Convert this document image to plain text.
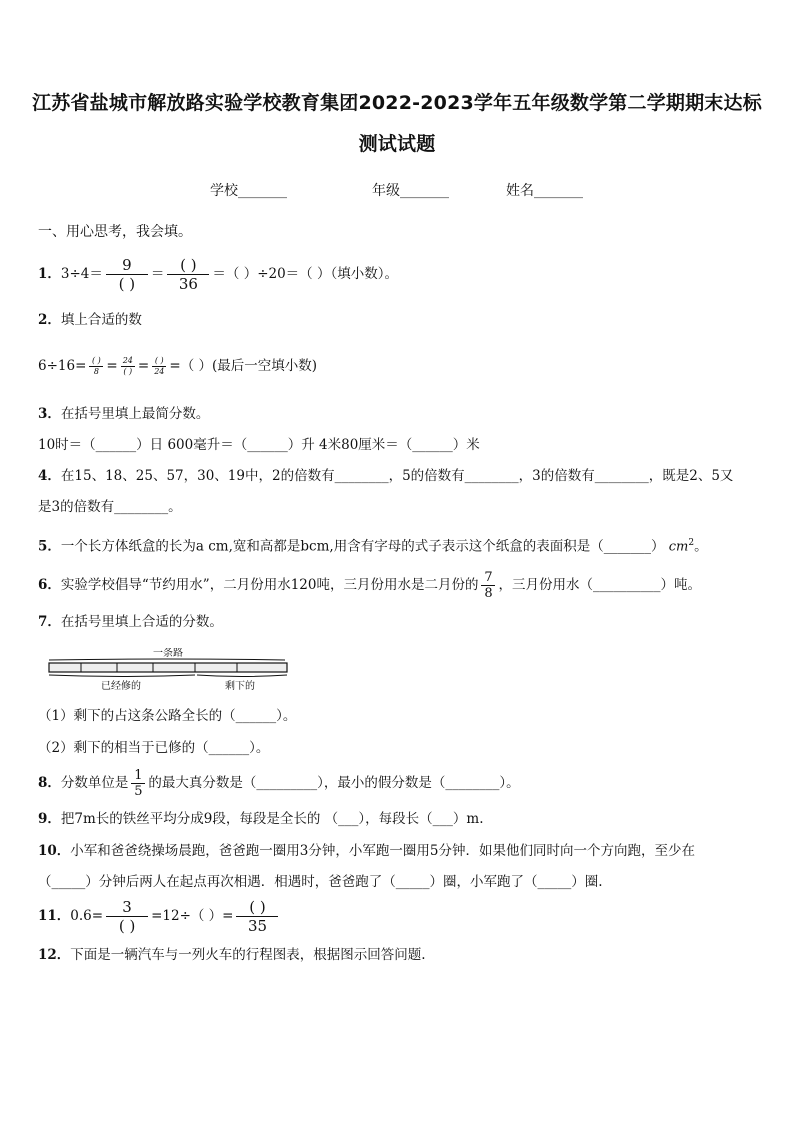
江苏省盐城市解放路实验学校教育集团2022-2023学年五年级数学第二学期期末达标
测试试题
学校_______	年级_______	姓名_______
一、用心思考，我会填。
1．$3\div 4= \frac{9}{( )} = \frac{( )}{36}$ ＝（ ）÷20＝（ ）（填小数）。
2．填上合适的数
$6\div 16= \frac{( )}{8} = \frac{24}{( )} = \frac{( )}{24}$ =（ ）(最后一空填小数)
3．在括号里填上最简分数。
10时＝（______）日 600毫升＝（______）升 4米80厘米＝（______）米
4．在15、18、25、57，30、19中，2的倍数有________，5的倍数有________，3的倍数有________，既是2、5又
是3的倍数有________。
5．一个长方体纸盒的长为a cm,宽和高都是bcm,用含有字母的式子表示这个纸盒的表面积是（_______） $cm^2$。
6．实验学校倡导“节约用水”，二月份用水120吨，三月份用水是二月份的 $\frac{7}{8}$ ，三月份用水（__________）吨。
7．在括号里填上合适的分数。
一条路
已经修的	剩下的
（1）剩下的占这条公路全长的（______）。
（2）剩下的相当于已修的（______）。
8．分数单位是 $\frac{1}{5}$ 的最大真分数是（_________），最小的假分数是（________）。
9．把7m长的铁丝平均分成9段，每段是全长的 （___），每段长（___）m.
10．小军和爸爸绕操场晨跑，爸爸跑一圈用3分钟，小军跑一圈用5分钟．如果他们同时向一个方向跑，至少在
（_____）分钟后两人在起点再次相遇．相遇时，爸爸跑了（_____）圈，小军跑了（_____）圈.
11．$0.6= \frac{3}{( )} =12\div$（ ）= $\frac{( )}{35}$
12．下面是一辆汽车与一列火车的行程图表，根据图示回答问题.
